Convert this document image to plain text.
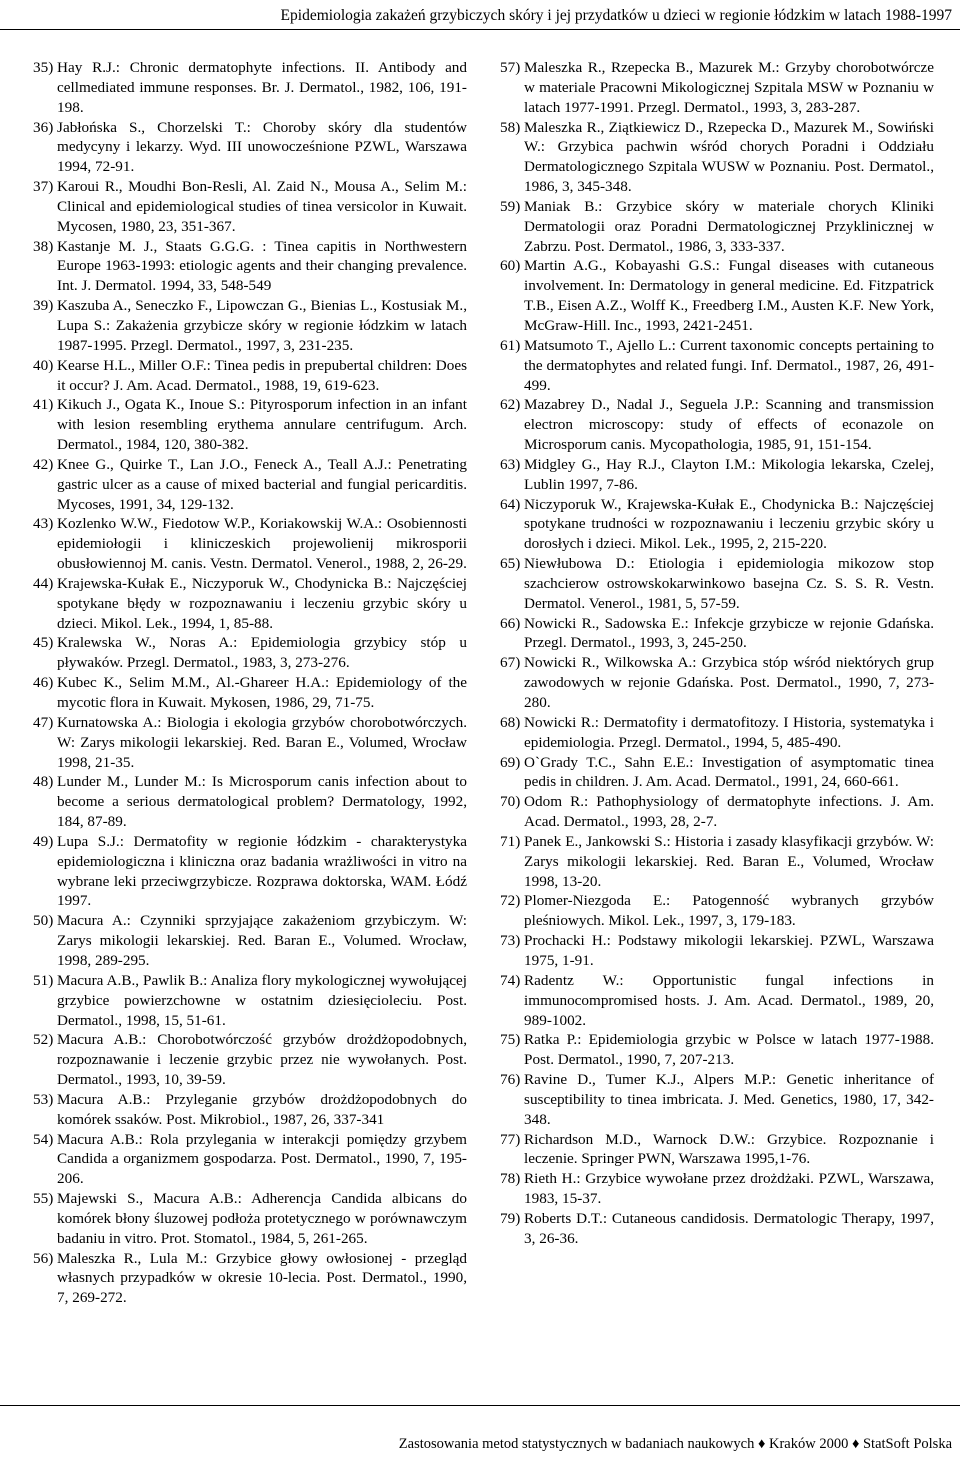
Epidemiologia zakażeń grzybiczych skóry i jej przydatków u dzieci w regionie łódzkim w latach 1988-1997
35) Hay R.J.: Chronic dermatophyte infections. II. Antibody and cellmediated immune responses. Br. J. Dermatol., 1982, 106, 191-198.
36) Jabłońska S., Chorzelski T.: Choroby skóry dla studentów medycyny i lekarzy. Wyd. III unowocześnione PZWL, Warszawa 1994, 72-91.
37) Karoui R., Moudhi Bon-Resli, Al. Zaid N., Mousa A., Selim M.: Clinical and epidemiological studies of tinea versicolor in Kuwait. Mycosen, 1980, 23, 351-367.
38) Kastanje M. J., Staats G.G.G. : Tinea capitis in Northwestern Europe 1963-1993: etiologic agents and their changing prevalence. Int. J. Dermatol. 1994, 33, 548-549
39) Kaszuba A., Seneczko F., Lipowczan G., Bienias L., Kostusiak M., Lupa S.: Zakażenia grzybicze skóry w regionie łódzkim w latach 1987-1995. Przegl. Dermatol., 1997, 3, 231-235.
40) Kearse H.L., Miller O.F.: Tinea pedis in prepubertal children: Does it occur? J. Am. Acad. Dermatol., 1988, 19, 619-623.
41) Kikuch J., Ogata K., Inoue S.: Pityrosporum infection in an infant with lesion resembling erythema annulare centrifugum. Arch. Dermatol., 1984, 120, 380-382.
42) Knee G., Quirke T., Lan J.O., Feneck A., Teall A.J.: Penetrating gastric ulcer as a cause of mixed bacterial and fungial pericarditis. Mycoses, 1991, 34, 129-132.
43) Kozlenko W.W., Fiedotow W.P., Koriakowskij W.A.: Osobiennosti epidemiołogii i kliniczeskich projewolienij mikrosporii obusłowiennoj M. canis. Vestn. Dermatol. Venerol., 1988, 2, 26-29.
44) Krajewska-Kułak E., Niczyporuk W., Chodynicka B.: Najczęściej spotykane błędy w rozpoznawaniu i leczeniu grzybic skóry u dzieci. Mikol. Lek., 1994, 1, 85-88.
45) Kralewska W., Noras A.: Epidemiologia grzybicy stóp u pływaków. Przegl. Dermatol., 1983, 3, 273-276.
46) Kubec K., Selim M.M., Al.-Ghareer H.A.: Epidemiology of the mycotic flora in Kuwait. Mykosen, 1986, 29, 71-75.
47) Kurnatowska A.: Biologia i ekologia grzybów chorobotwórczych. W: Zarys mikologii lekarskiej. Red. Baran E., Volumed, Wrocław 1998, 21-35.
48) Lunder M., Lunder M.: Is Microsporum canis infection about to become a serious dermatological problem? Dermatology, 1992, 184, 87-89.
49) Lupa S.J.: Dermatofity w regionie łódzkim - charakterystyka epidemiologiczna i kliniczna oraz badania wrażliwości in vitro na wybrane leki przeciwgrzybicze. Rozprawa doktorska, WAM. Łódź 1997.
50) Macura A.: Czynniki sprzyjające zakażeniom grzybiczym. W: Zarys mikologii lekarskiej. Red. Baran E., Volumed. Wrocław, 1998, 289-295.
51) Macura A.B., Pawlik B.: Analiza flory mykologicznej wywołującej grzybice powierzchowne w ostatnim dziesięcioleciu. Post. Dermatol., 1998, 15, 51-61.
52) Macura A.B.: Chorobotwórczość grzybów drożdżopodobnych, rozpoznawanie i leczenie grzybic przez nie wywołanych. Post. Dermatol., 1993, 10, 39-59.
53) Macura A.B.: Przyleganie grzybów drożdżopodobnych do komórek ssaków. Post. Mikrobiol., 1987, 26, 337-341
54) Macura A.B.: Rola przylegania w interakcji pomiędzy grzybem Candida a organizmem gospodarza. Post. Dermatol., 1990, 7, 195-206.
55) Majewski S., Macura A.B.: Adherencja Candida albicans do komórek błony śluzowej podłoża protetycznego w porównawczym badaniu in vitro. Prot. Stomatol., 1984, 5, 261-265.
56) Maleszka R., Lula M.: Grzybice głowy owłosionej - przegląd własnych przypadków w okresie 10-lecia. Post. Dermatol., 1990, 7, 269-272.
57) Maleszka R., Rzepecka B., Mazurek M.: Grzyby chorobotwórcze w materiale Pracowni Mikologicznej Szpitala MSW w Poznaniu w latach 1977-1991. Przegl. Dermatol., 1993, 3, 283-287.
58) Maleszka R., Ziątkiewicz D., Rzepecka D., Mazurek M., Sowiński W.: Grzybica pachwin wśród chorych Poradni i Oddziału Dermatologicznego Szpitala WUSW w Poznaniu. Post. Dermatol., 1986, 3, 345-348.
59) Maniak B.: Grzybice skóry w materiale chorych Kliniki Dermatologii oraz Poradni Dermatologicznej Przyklinicznej w Zabrzu. Post. Dermatol., 1986, 3, 333-337.
60) Martin A.G., Kobayashi G.S.: Fungal diseases with cutaneous involvement. In: Dermatology in general medicine. Ed. Fitzpatrick T.B., Eisen A.Z., Wolff K., Freedberg I.M., Austen K.F. New York, McGraw-Hill. Inc., 1993, 2421-2451.
61) Matsumoto T., Ajello L.: Current taxonomic concepts pertaining to the dermatophytes and related fungi. Inf. Dermatol., 1987, 26, 491-499.
62) Mazabrey D., Nadal J., Seguela J.P.: Scanning and transmission electron microscopy: study of effects of econazole on Microsporum canis. Mycopathologia, 1985, 91, 151-154.
63) Midgley G., Hay R.J., Clayton I.M.: Mikologia lekarska, Czelej, Lublin 1997, 7-86.
64) Niczyporuk W., Krajewska-Kułak E., Chodynicka B.: Najczęściej spotykane trudności w rozpoznawaniu i leczeniu grzybic skóry u dorosłych i dzieci. Mikol. Lek., 1995, 2, 215-220.
65) Niewłubowa D.: Etiologia i epidemiologia mikozow stop szachcierow ostrowskokarwinkowo basejna Cz. S. S. R. Vestn. Dermatol. Venerol., 1981, 5, 57-59.
66) Nowicki R., Sadowska E.: Infekcje grzybicze w rejonie Gdańska. Przegl. Dermatol., 1993, 3, 245-250.
67) Nowicki R., Wilkowska A.: Grzybica stóp wśród niektórych grup zawodowych w rejonie Gdańska. Post. Dermatol., 1990, 7, 273-280.
68) Nowicki R.: Dermatofity i dermatofitozy. I Historia, systematyka i epidemiologia. Przegl. Dermatol., 1994, 5, 485-490.
69) O`Grady T.C., Sahn E.E.: Investigation of asymptomatic tinea pedis in children. J. Am. Acad. Dermatol., 1991, 24, 660-661.
70) Odom R.: Pathophysiology of dermatophyte infections. J. Am. Acad. Dermatol., 1993, 28, 2-7.
71) Panek E., Jankowski S.: Historia i zasady klasyfikacji grzybów. W: Zarys mikologii lekarskiej. Red. Baran E., Volumed, Wrocław 1998, 13-20.
72) Plomer-Niezgoda E.: Patogenność wybranych grzybów pleśniowych. Mikol. Lek., 1997, 3, 179-183.
73) Prochacki H.: Podstawy mikologii lekarskiej. PZWL, Warszawa 1975, 1-91.
74) Radentz W.: Opportunistic fungal infections in immunocompromised hosts. J. Am. Acad. Dermatol., 1989, 20, 989-1002.
75) Ratka P.: Epidemiologia grzybic w Polsce w latach 1977-1988. Post. Dermatol., 1990, 7, 207-213.
76) Ravine D., Tumer K.J., Alpers M.P.: Genetic inheritance of susceptibility to tinea imbricata. J. Med. Genetics, 1980, 17, 342-348.
77) Richardson M.D., Warnock D.W.: Grzybice. Rozpoznanie i leczenie. Springer PWN, Warszawa 1995,1-76.
78) Rieth H.: Grzybice wywołane przez drożdżaki. PZWL, Warszawa, 1983, 15-37.
79) Roberts D.T.: Cutaneous candidosis. Dermatologic Therapy, 1997, 3, 26-36.
Zastosowania metod statystycznych w badaniach naukowych ♦ Kraków 2000 ♦ StatSoft Polska
